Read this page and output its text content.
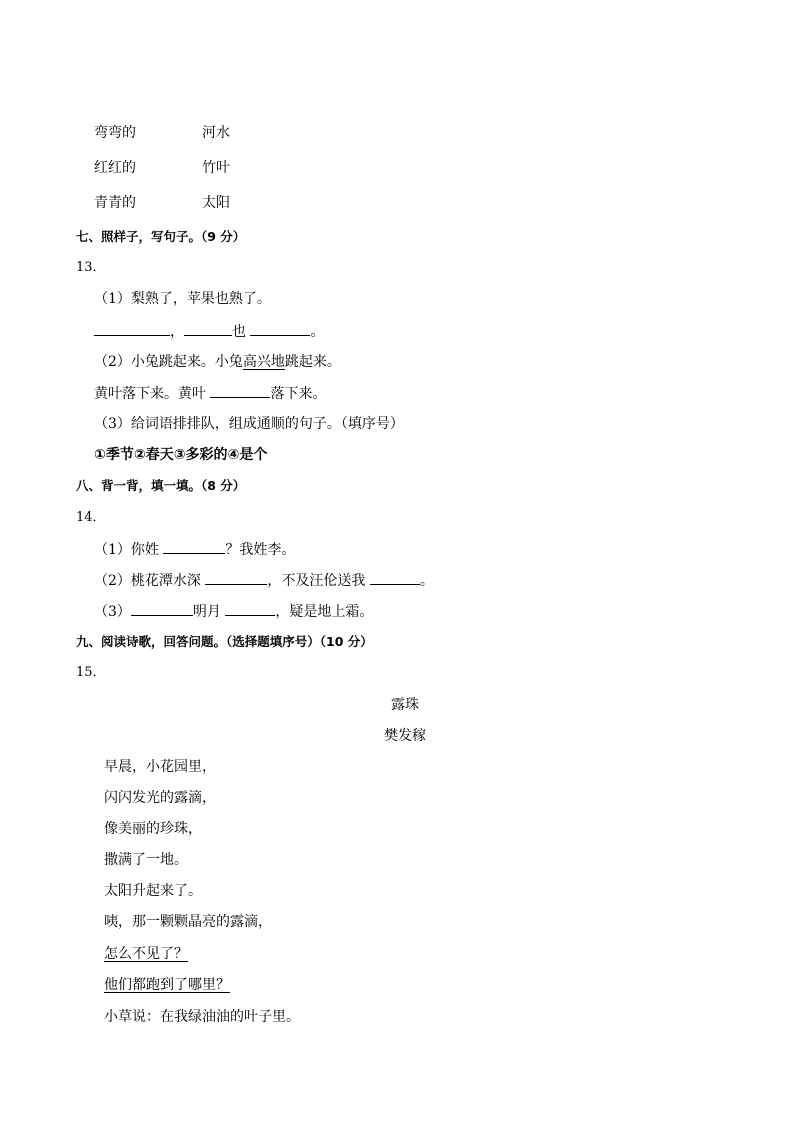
弯弯的	河水
红红的	竹叶
青青的	太阳
七、照样子，写句子。（9 分）
13．
（1）梨熟了，苹果也熟了。
，	也	。
（2）小兔跳起来。小兔高兴地跳起来。
黄叶落下来。黄叶	落下来。
（3）给词语排排队，组成通顺的句子。（填序号）
①季节②春天③多彩的④是个
八、背一背，填一填。（8 分）
14．
（1）你姓	？我姓李。
（2）桃花潭水深	，不及汪伦送我	。
（3）	明月	，疑是地上霜。
九、阅读诗歌，回答问题。（选择题填序号）（10 分）
15．
露珠
樊发稼
早晨，小花园里，
闪闪发光的露滴，
像美丽的珍珠，
撒满了一地。
太阳升起来了。
咦，那一颗颗晶亮的露滴，
怎么不见了？
他们都跑到了哪里？
小草说：在我绿油油的叶子里。
